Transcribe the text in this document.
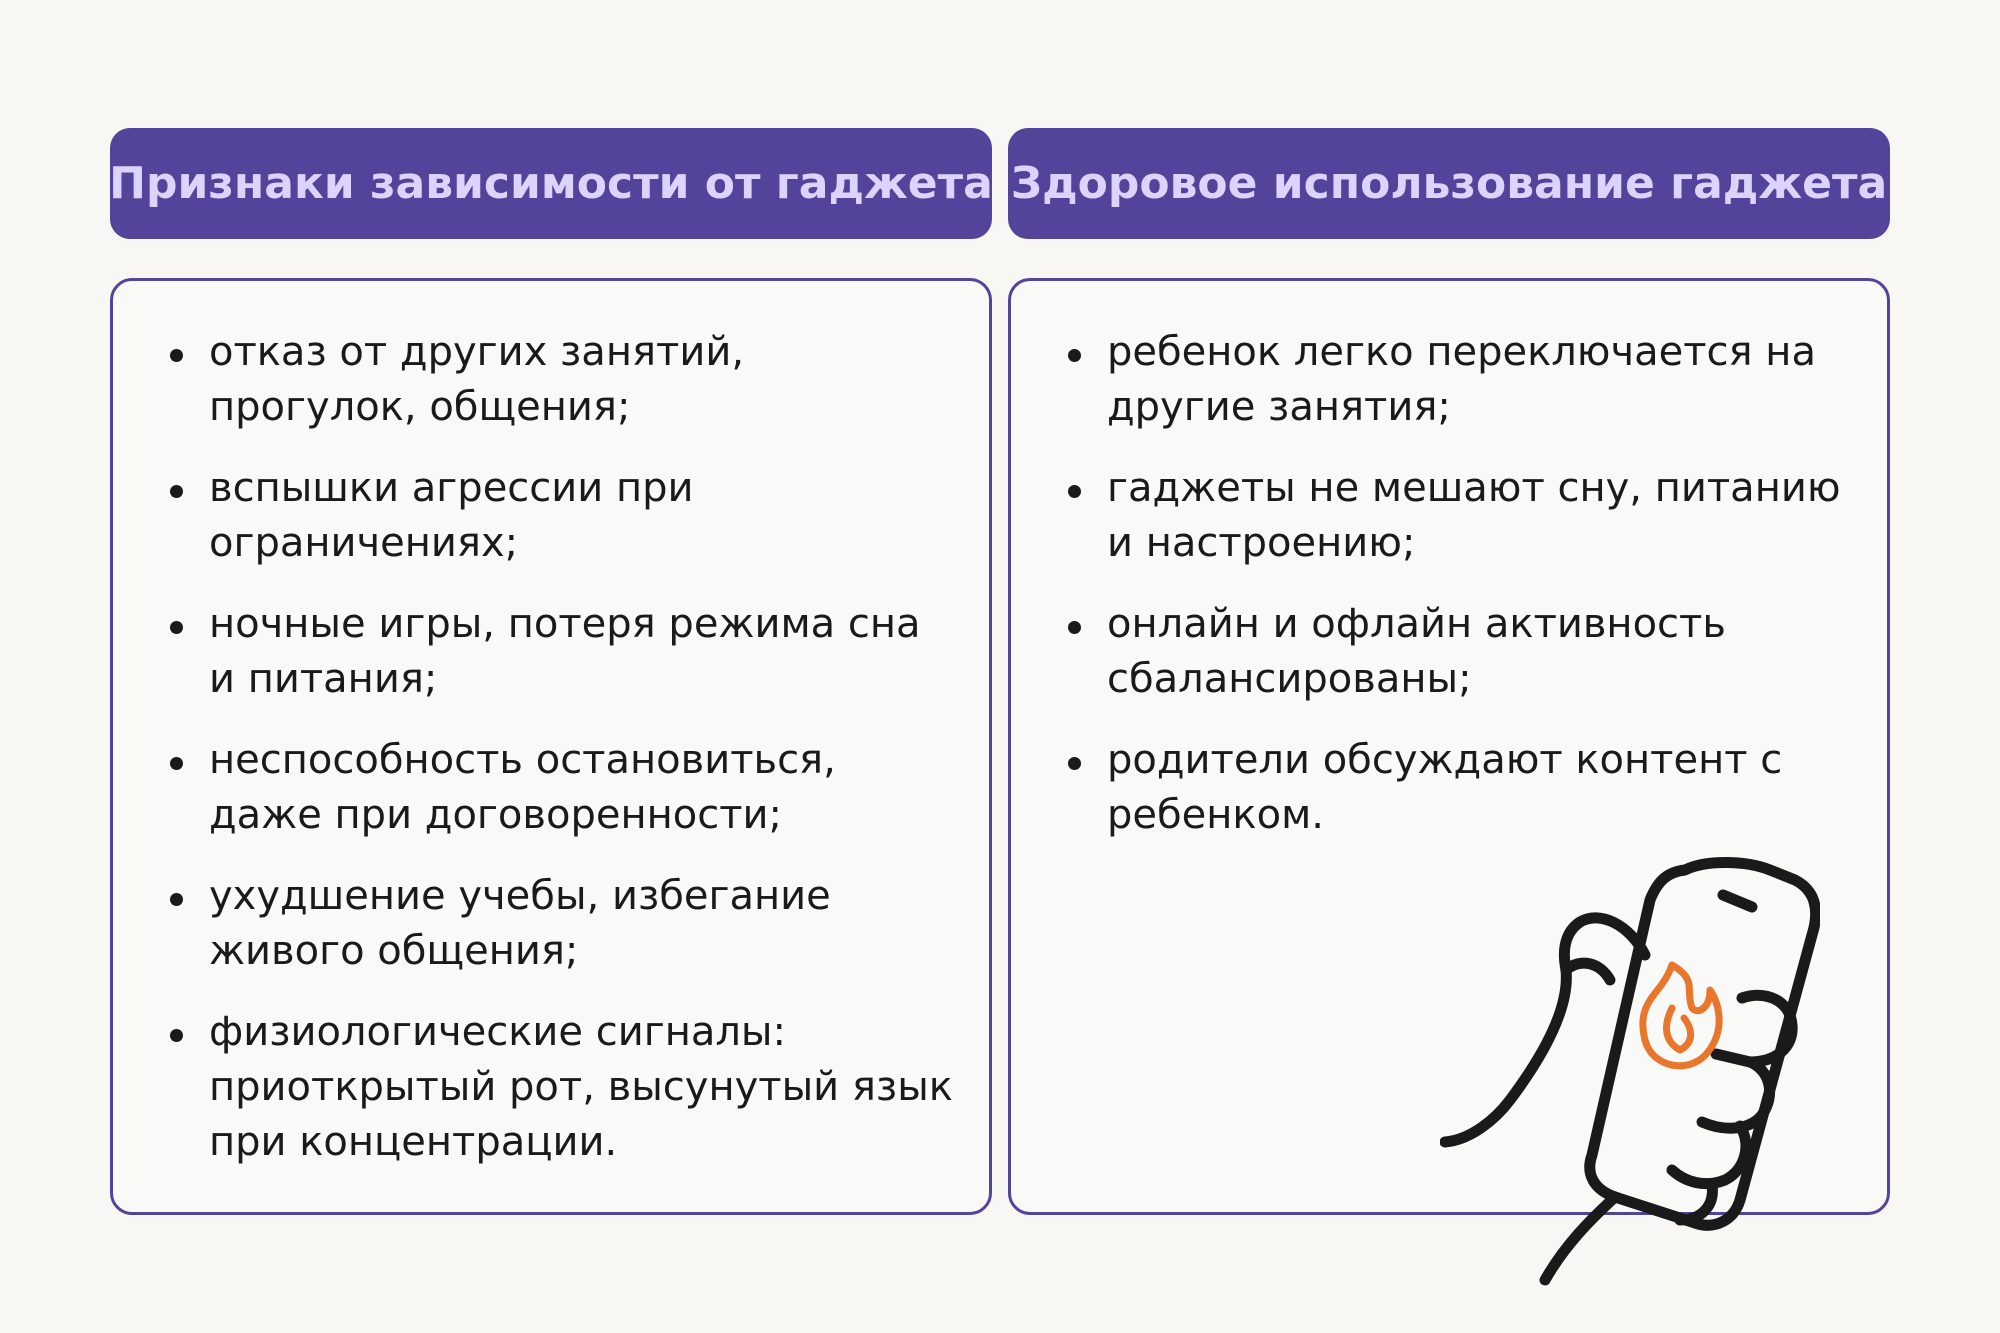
Признаки зависимости от гаджета Здоровое использование гаджета
отказ от других занятий, прогулок, общения;
вспышки агрессии при ограничениях;
ночные игры, потеря режима сна и питания;
неспособность остановиться, даже при договоренности;
ухудшение учебы, избегание живого общения;
физиологические сигналы: приоткрытый рот, высунутый язык при концентрации.
ребенок легко переключается на другие занятия;
гаджеты не мешают сну, питанию и настроению;
онлайн и офлайн активность сбалансированы;
родители обсуждают контент с ребенком.
